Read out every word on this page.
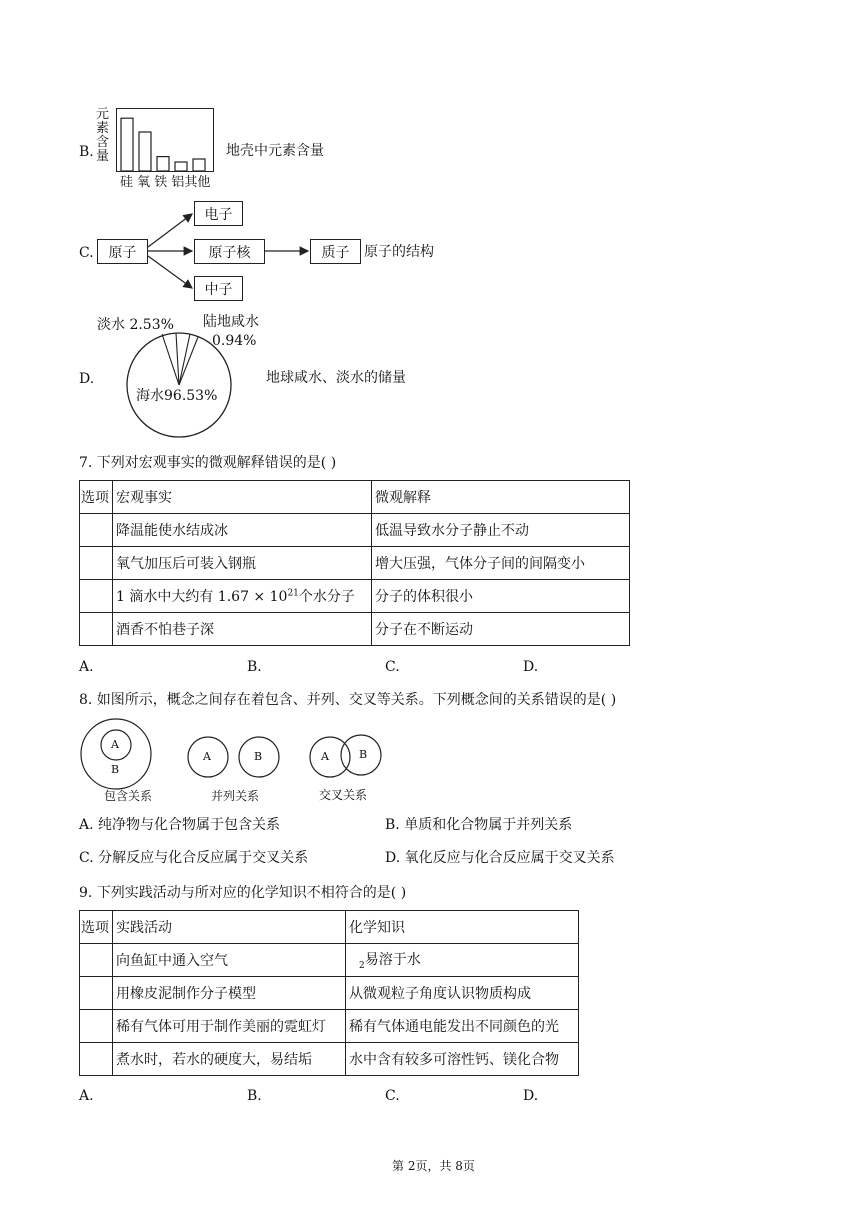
B.
元
素
含
量
硅 氧 铁 铝其他
地壳中元素含量
C.	原子
电子
原子核
中子
质子	原子的结构
D.
淡水 2.53% 陆地咸水
0.94%
海水96.53%
地球咸水、淡水的储量
7. 下列对宏观事实的微观解释错误的是( )
选项	宏观事实	微观解释
	降温能使水结成冰	低温导致水分子静止不动
	氧气加压后可装入钢瓶	增大压强，气体分子间的间隔变小
	1 滴水中大约有 $1.67 \times 10^{21}$个水分子	分子的体积很小
	酒香不怕巷子深	分子在不断运动
A.	B.	C.	D.
8. 如图所示，概念之间存在着包含、并列、交叉等关系。下列概念间的关系错误的是( )
A
B
A	B	A	B
包含关系	并列关系	交叉关系
A. 纯净物与化合物属于包含关系	B. 单质和化合物属于并列关系
C. 分解反应与化合反应属于交叉关系	D. 氧化反应与化合反应属于交叉关系
9. 下列实践活动与所对应的化学知识不相符合的是( )
选项	实践活动	化学知识
	向鱼缸中通入空气	$_2$易溶于水
	用橡皮泥制作分子模型	从微观粒子角度认识物质构成
	稀有气体可用于制作美丽的霓虹灯	稀有气体通电能发出不同颜色的光
	煮水时，若水的硬度大，易结垢	水中含有较多可溶性钙、镁化合物
A.	B.	C.	D.
第 2页，共 8页
